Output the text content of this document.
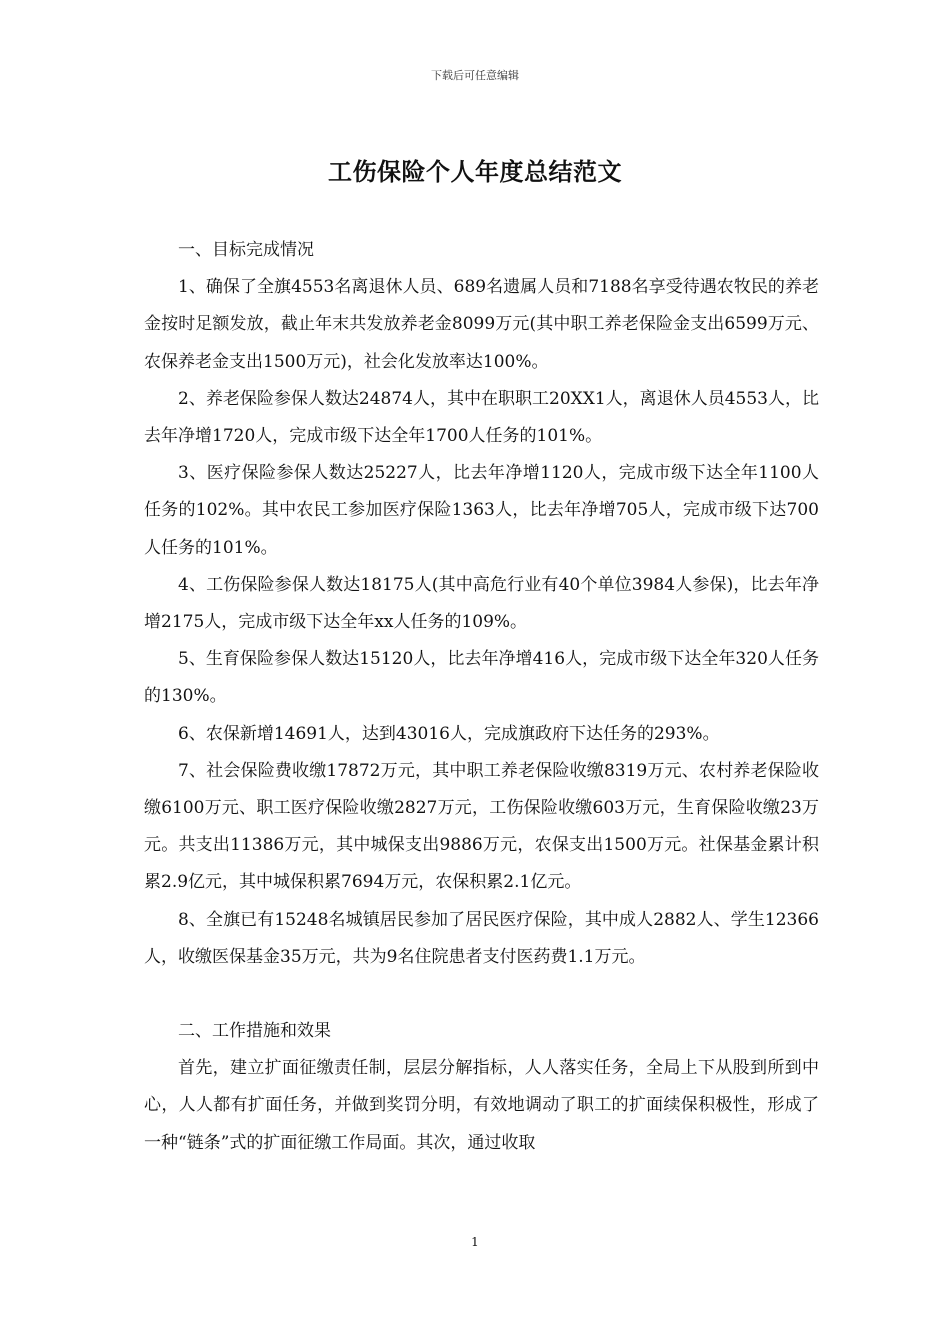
下载后可任意编辑
工伤保险个人年度总结范文

一、目标完成情况

1、确保了全旗4553名离退休人员、689名遗属人员和7188名享受待遇农牧民的养老金按时足额发放，截止年末共发放养老金8099万元(其中职工养老保险金支出6599万元、农保养老金支出1500万元)，社会化发放率达100%。

2、养老保险参保人数达24874人，其中在职职工20XX1人，离退休人员4553人，比去年净增1720人，完成市级下达全年1700人任务的101%。

3、医疗保险参保人数达25227人，比去年净增1120人，完成市级下达全年1100人任务的102%。其中农民工参加医疗保险1363人，比去年净增705人，完成市级下达700人任务的101%。

4、工伤保险参保人数达18175人(其中高危行业有40个单位3984人参保)，比去年净增2175人，完成市级下达全年xx人任务的109%。

5、生育保险参保人数达15120人，比去年净增416人，完成市级下达全年320人任务的130%。

6、农保新增14691人，达到43016人，完成旗政府下达任务的293%。

7、社会保险费收缴17872万元，其中职工养老保险收缴8319万元、农村养老保险收缴6100万元、职工医疗保险收缴2827万元，工伤保险收缴603万元，生育保险收缴23万元。共支出11386万元，其中城保支出9886万元，农保支出1500万元。社保基金累计积累2.9亿元，其中城保积累7694万元，农保积累2.1亿元。

8、全旗已有15248名城镇居民参加了居民医疗保险，其中成人2882人、学生12366人，收缴医保基金35万元，共为9名住院患者支付医药费1.1万元。

二、工作措施和效果

首先，建立扩面征缴责任制，层层分解指标，人人落实任务，全局上下从股到所到中心，人人都有扩面任务，并做到奖罚分明，有效地调动了职工的扩面续保积极性，形成了一种“链条”式的扩面征缴工作局面。其次，通过收取

1
